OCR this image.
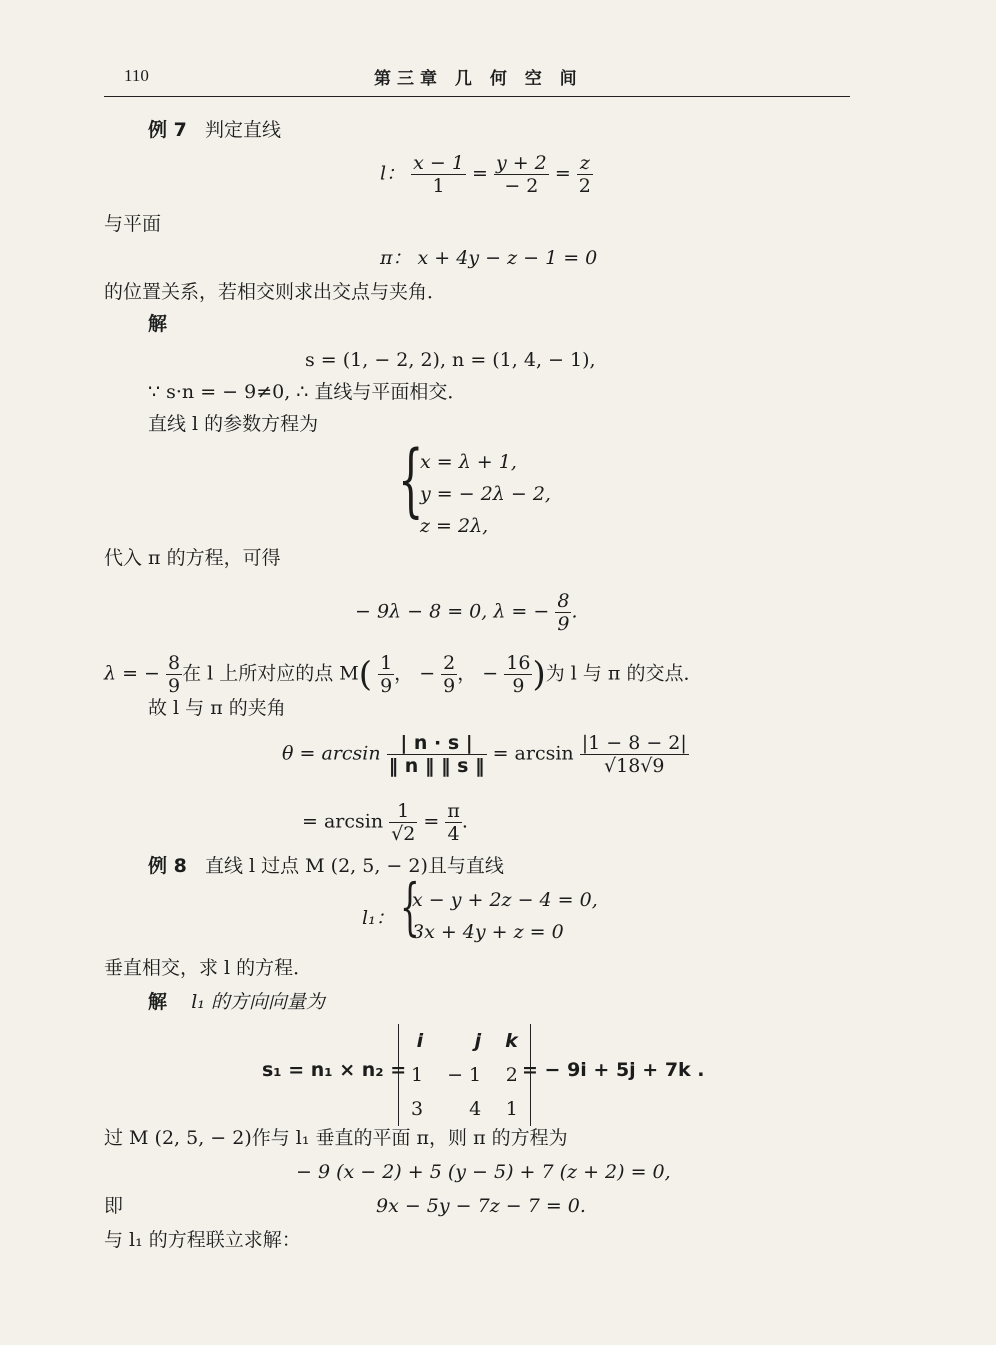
110	第三章 几 何 空 间
例 7 判定直线
l： $\frac{x - 1}{1} = \frac{y + 2}{- 2} = \frac{z}{2}$
与平面
π： x + 4y − z − 1 = 0
的位置关系，若相交则求出交点与夹角．
解
s = (1, − 2, 2), n = (1, 4, − 1),
∵ s·n = − 9≠0, ∴ 直线与平面相交．
直线 l 的参数方程为
{
x = λ + 1,
y = − 2λ − 2,
z = 2λ,
代入 π 的方程，可得
− 9λ − 8 = 0, λ = − $\frac{8}{9}$ .
λ = − $\frac{8}{9}$ 在 l 上所对应的点 $M( \frac{1}{9}$ ， − $\frac{2}{9}$ ， − $\frac{16}{9}$ )为 l 与 π 的交点．
故 l 与 π 的夹角
$\theta = \arcsin \frac{| n \cdot s |}{‖ n ‖ ‖ s ‖} = \arcsin \frac{|1 - 8 - 2|}{√18√9}$
= $\arcsin \frac{1}{√2} = \frac{\pi}{4}$ .
例 8 直线 l 过点 M (2, 5, − 2)且与直线
l₁： {
x − y + 2z − 4 = 0,
3x + 4y + z = 0
垂直相交，求 l 的方程．
解 l₁ 的方向向量为
s₁ = n₁ × n₂ =
i	j	k
1	− 1	2
3	4	1
= − 9i + 5j + 7k .
过 M (2, 5, − 2)作与 l₁ 垂直的平面 π，则 π 的方程为
− 9 (x − 2) + 5 (y − 5) + 7 (z + 2) = 0,
即	9x − 5y − 7z − 7 = 0.
与 l₁ 的方程联立求解：
